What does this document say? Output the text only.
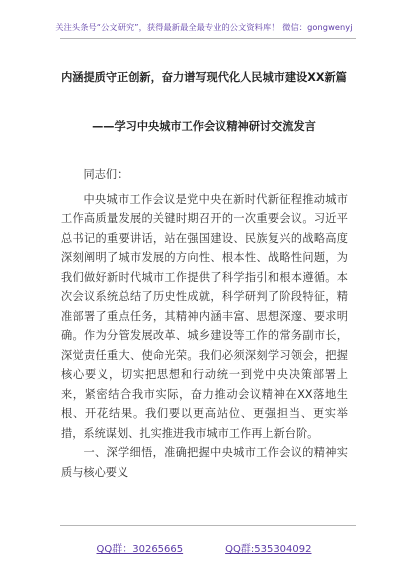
关注头条号“公文研究”，获得最新最全最专业的公文资料库！ 微信：gongwenyj
内涵提质守正创新，奋力谱写现代化人民城市建设XX新篇
——学习中央城市工作会议精神研讨交流发言

同志们：

中央城市工作会议是党中央在新时代新征程推动城市工作高质量发展的关键时期召开的一次重要会议。习近平总书记的重要讲话，站在强国建设、民族复兴的战略高度深刻阐明了城市发展的方向性、根本性、战略性问题，为我们做好新时代城市工作提供了科学指引和根本遵循。本次会议系统总结了历史性成就，科学研判了阶段特征，精准部署了重点任务，其精神内涵丰富、思想深邃、要求明确。作为分管发展改革、城乡建设等工作的常务副市长，深觉责任重大、使命光荣。我们必须深刻学习领会，把握核心要义，切实把思想和行动统一到党中央决策部署上来，紧密结合我市实际，奋力推动会议精神在XX落地生根、开花结果。我们要以更高站位、更强担当、更实举措，系统谋划、扎实推进我市城市工作再上新台阶。

一、深学细悟，准确把握中央城市工作会议的精神实质与核心要义

QQ群：30265665	QQ群:535304092
